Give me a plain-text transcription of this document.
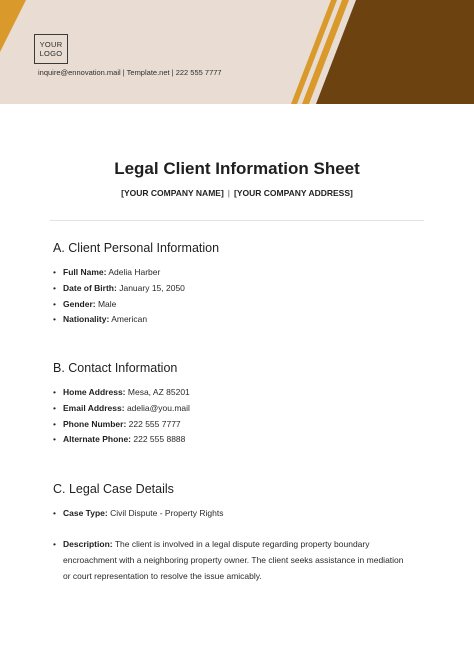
YOUR
LOGO
inquire@ennovation.mail | Template.net | 222 555 7777
Legal Client Information Sheet
[YOUR COMPANY NAME] | [YOUR COMPANY ADDRESS]
A. Client Personal Information
• Full Name: Adelia Harber
• Date of Birth: January 15, 2050
• Gender: Male
• Nationality: American
B. Contact Information
• Home Address: Mesa, AZ 85201
• Email Address: adelia@you.mail
• Phone Number: 222 555 7777
• Alternate Phone: 222 555 8888
C. Legal Case Details
• Case Type: Civil Dispute - Property Rights
• Description: The client is involved in a legal dispute regarding property boundary encroachment with a neighboring property owner. The client seeks assistance in mediation or court representation to resolve the issue amicably.
